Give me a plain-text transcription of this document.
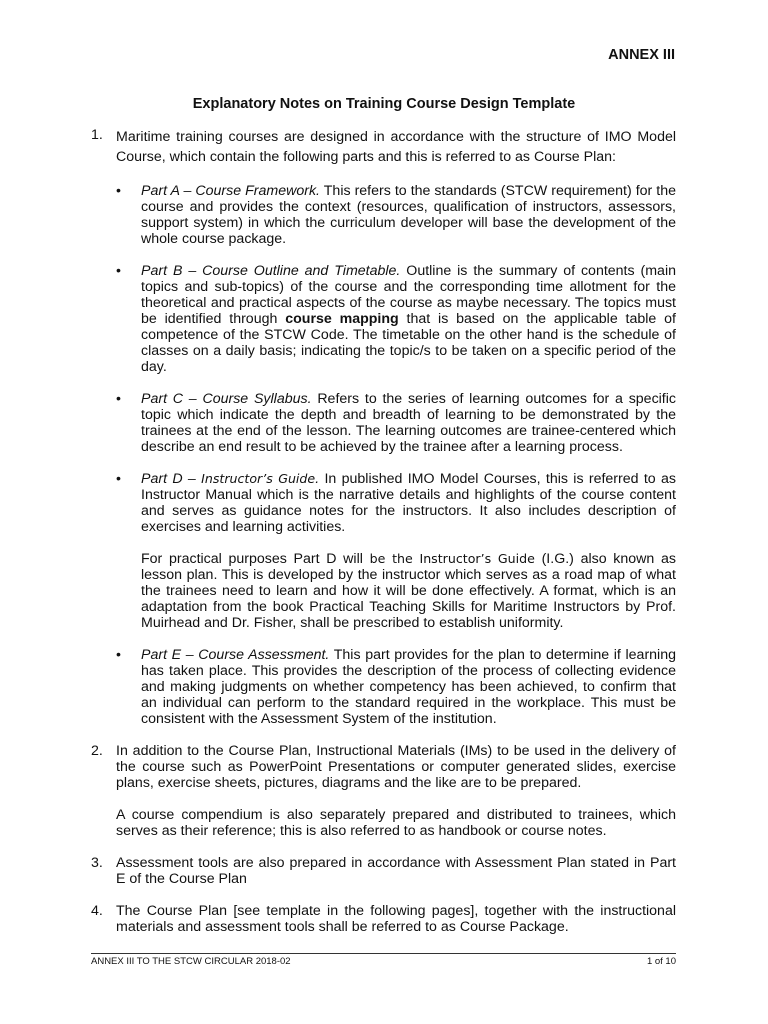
ANNEX III
Explanatory Notes on Training Course Design Template
1. Maritime training courses are designed in accordance with the structure of IMO Model Course, which contain the following parts and this is referred to as Course Plan:

• Part A – Course Framework. This refers to the standards (STCW requirement) for the course and provides the context (resources, qualification of instructors, assessors, support system) in which the curriculum developer will base the development of the whole course package.
• Part B – Course Outline and Timetable. Outline is the summary of contents (main topics and sub-topics) of the course and the corresponding time allotment for the theoretical and practical aspects of the course as maybe necessary. The topics must be identified through course mapping that is based on the applicable table of competence of the STCW Code. The timetable on the other hand is the schedule of classes on a daily basis; indicating the topic/s to be taken on a specific period of the day.
• Part C – Course Syllabus. Refers to the series of learning outcomes for a specific topic which indicate the depth and breadth of learning to be demonstrated by the trainees at the end of the lesson. The learning outcomes are trainee-centered which describe an end result to be achieved by the trainee after a learning process.
• Part D – Instructor’s Guide. In published IMO Model Courses, this is referred to as Instructor Manual which is the narrative details and highlights of the course content and serves as guidance notes for the instructors. It also includes description of exercises and learning activities.
For practical purposes Part D will be the Instructor’s Guide (I.G.) also known as lesson plan. This is developed by the instructor which serves as a road map of what the trainees need to learn and how it will be done effectively. A format, which is an adaptation from the book Practical Teaching Skills for Maritime Instructors by Prof. Muirhead and Dr. Fisher, shall be prescribed to establish uniformity.
• Part E – Course Assessment. This part provides for the plan to determine if learning has taken place. This provides the description of the process of collecting evidence and making judgments on whether competency has been achieved, to confirm that an individual can perform to the standard required in the workplace. This must be consistent with the Assessment System of the institution.
2. In addition to the Course Plan, Instructional Materials (IMs) to be used in the delivery of the course such as PowerPoint Presentations or computer generated slides, exercise plans, exercise sheets, pictures, diagrams and the like are to be prepared.

A course compendium is also separately prepared and distributed to trainees, which serves as their reference; this is also referred to as handbook or course notes.

3. Assessment tools are also prepared in accordance with Assessment Plan stated in Part E of the Course Plan

4. The Course Plan [see template in the following pages], together with the instructional materials and assessment tools shall be referred to as Course Package.

ANNEX III TO THE STCW CIRCULAR 2018-02	1 of 10
